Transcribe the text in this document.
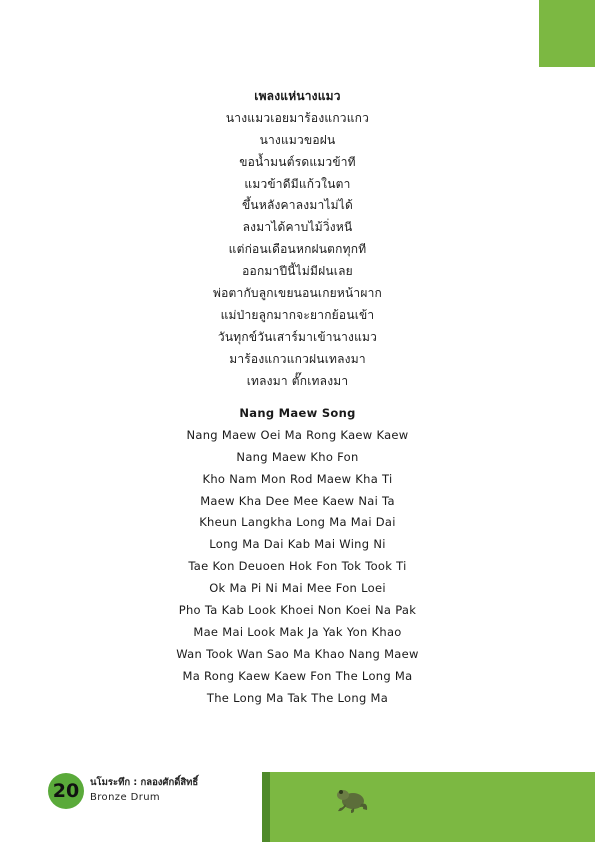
เพลงแห่นางแมว
นางแมวเอยมาร้องแกวแกว
นางแมวขอฝน
ขอน้ำมนต์รดแมวข้าที
แมวข้าดีมีแก้วในตา
ขึ้นหลังคาลงมาไม่ได้
ลงมาได้คาบไม้วิ่งหนี
แต่ก่อนเดือนหกฝนตกทุกที
ออกมาปีนี้ไม่มีฝนเลย
พ่อตากับลูกเขยนอนเกยหน้าผาก
แม่ป่ายลูกมากจะยากย้อนเข้า
วันทุกข์วันเสาร์มาเข้านางแมว
มาร้องแกวแกวฝนเทลงมา
เทลงมา ตั๊กเทลงมา
Nang Maew Song
Nang Maew Oei Ma Rong Kaew Kaew
Nang Maew Kho Fon
Kho Nam Mon Rod Maew Kha Ti
Maew Kha Dee Mee Kaew Nai Ta
Kheun Langkha Long Ma Mai Dai
Long Ma Dai Kab Mai Wing Ni
Tae Kon Deuoen Hok Fon Tok Took Ti
Ok Ma Pi Ni Mai Mee Fon Loei
Pho Ta Kab Look Khoei Non Koei Na Pak
Mae Mai Look Mak Ja Yak Yon Khao
Wan Took Wan Sao Ma Khao Nang Maew
Ma Rong Kaew Kaew Fon The Long Ma
The Long Ma Tak The Long Ma
20	นโมระทึก : กลองศักดิ์สิทธิ์
Bronze Drum
